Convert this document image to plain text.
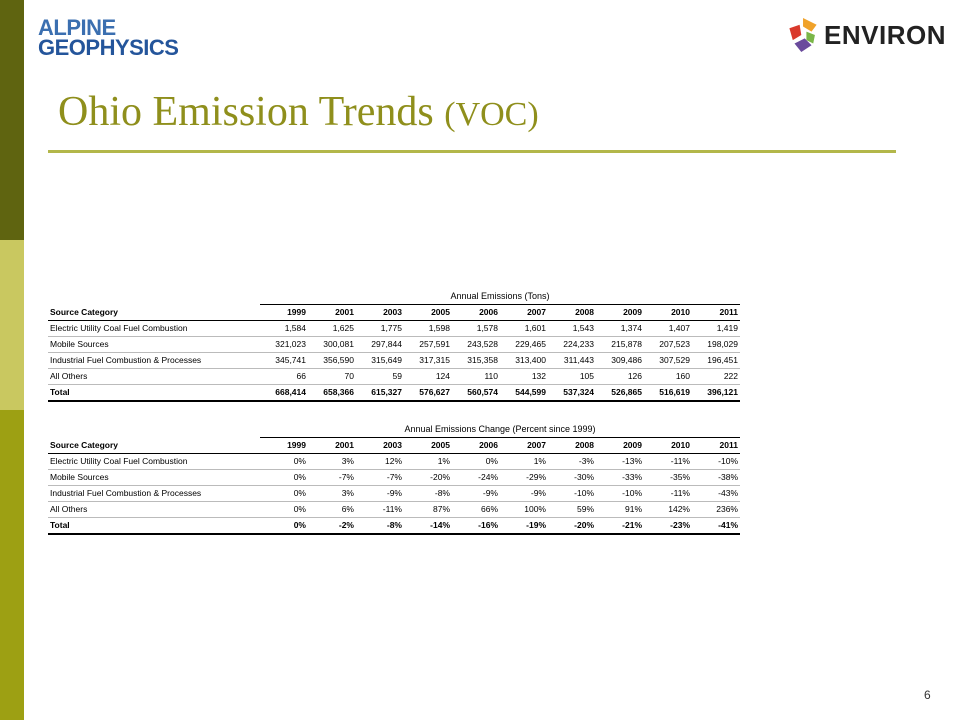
ALPINE
GEOPHYSICS	ENVIRON
Ohio Emission Trends (VOC)
	Annual Emissions (Tons)									
Source Category	1999	2001	2003	2005	2006	2007	2008	2009	2010	2011
Electric Utility Coal Fuel Combustion	1,584	1,625	1,775	1,598	1,578	1,601	1,543	1,374	1,407	1,419
Mobile Sources	321,023	300,081	297,844	257,591	243,528	229,465	224,233	215,878	207,523	198,029
Industrial Fuel Combustion & Processes	345,741	356,590	315,649	317,315	315,358	313,400	311,443	309,486	307,529	196,451
All Others	66	70	59	124	110	132	105	126	160	222
Total	668,414	658,366	615,327	576,627	560,574	544,599	537,324	526,865	516,619	396,121
	Annual Emissions Change (Percent since 1999)									
Source Category	1999	2001	2003	2005	2006	2007	2008	2009	2010	2011
Electric Utility Coal Fuel Combustion	0%	3%	12%	1%	0%	1%	-3%	-13%	-11%	-10%
Mobile Sources	0%	-7%	-7%	-20%	-24%	-29%	-30%	-33%	-35%	-38%
Industrial Fuel Combustion & Processes	0%	3%	-9%	-8%	-9%	-9%	-10%	-10%	-11%	-43%
All Others	0%	6%	-11%	87%	66%	100%	59%	91%	142%	236%
Total	0%	-2%	-8%	-14%	-16%	-19%	-20%	-21%	-23%	-41%
6
